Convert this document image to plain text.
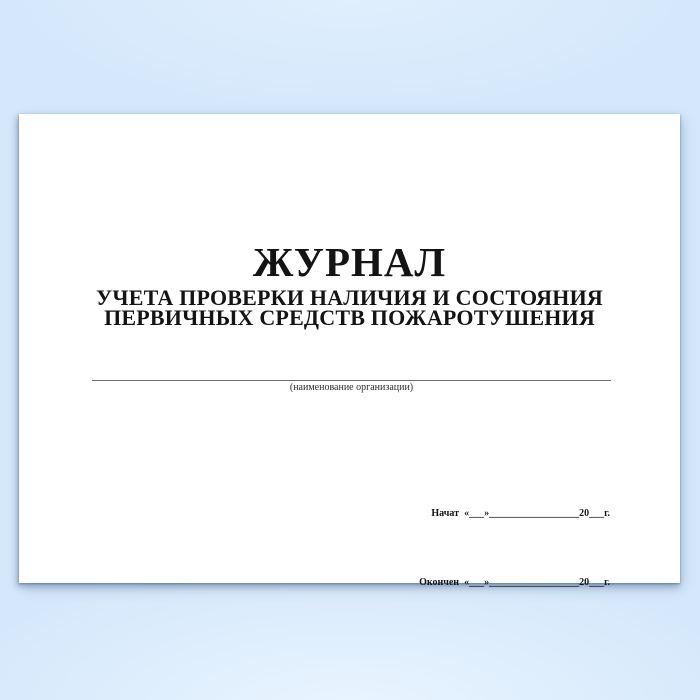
ЖУРНАЛ
УЧЕТА ПРОВЕРКИ НАЛИЧИЯ И СОСТОЯНИЯ
ПЕРВИЧНЫХ СРЕДСТВ ПОЖАРОТУШЕНИЯ
(наименование организации)

Начат «___»__________________20___г.

Окончен «___»__________________20___г.
